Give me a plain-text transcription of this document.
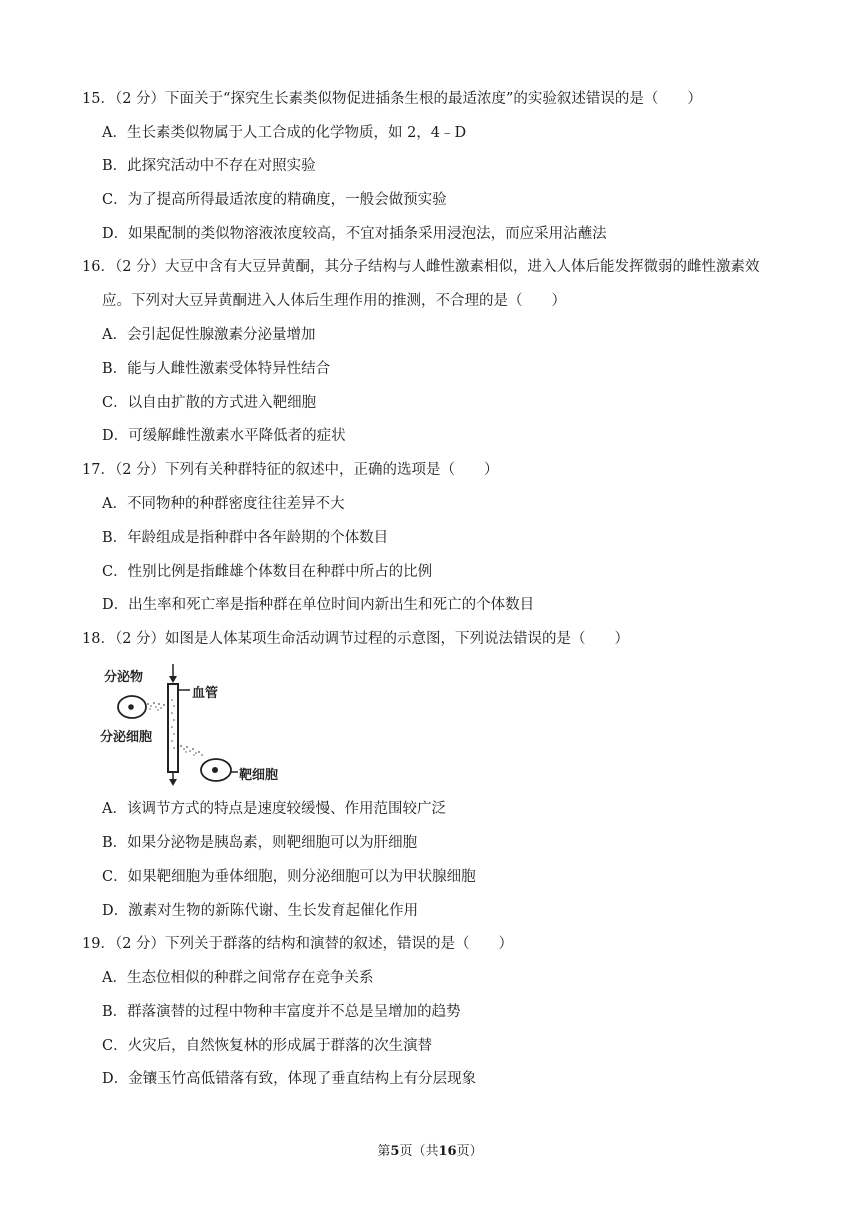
15．（2 分）下面关于“探究生长素类似物促进插条生根的最适浓度”的实验叙述错误的是（　　）
A．生长素类似物属于人工合成的化学物质，如 2，4﹣D
B．此探究活动中不存在对照实验
C．为了提高所得最适浓度的精确度，一般会做预实验
D．如果配制的类似物溶液浓度较高，不宜对插条采用浸泡法，而应采用沾蘸法
16．（2 分）大豆中含有大豆异黄酮，其分子结构与人雌性激素相似，进入人体后能发挥微弱的雌性激素效
应。下列对大豆异黄酮进入人体后生理作用的推测，不合理的是（　　）
A．会引起促性腺激素分泌量增加
B．能与人雌性激素受体特异性结合
C．以自由扩散的方式进入靶细胞
D．可缓解雌性激素水平降低者的症状
17．（2 分）下列有关种群特征的叙述中，正确的选项是（　　）
A．不同物种的种群密度往往差异不大
B．年龄组成是指种群中各年龄期的个体数目
C．性别比例是指雌雄个体数目在种群中所占的比例
D．出生率和死亡率是指种群在单位时间内新出生和死亡的个体数目
18．（2 分）如图是人体某项生命活动调节过程的示意图，下列说法错误的是（　　）
分泌物
血管
分泌细胞
靶细胞
A．该调节方式的特点是速度较缓慢、作用范围较广泛
B．如果分泌物是胰岛素，则靶细胞可以为肝细胞
C．如果靶细胞为垂体细胞，则分泌细胞可以为甲状腺细胞
D．激素对生物的新陈代谢、生长发育起催化作用
19．（2 分）下列关于群落的结构和演替的叙述，错误的是（　　）
A．生态位相似的种群之间常存在竞争关系
B．群落演替的过程中物种丰富度并不总是呈增加的趋势
C．火灾后，自然恢复林的形成属于群落的次生演替
D．金镶玉竹高低错落有致，体现了垂直结构上有分层现象
第5页（共16页）
